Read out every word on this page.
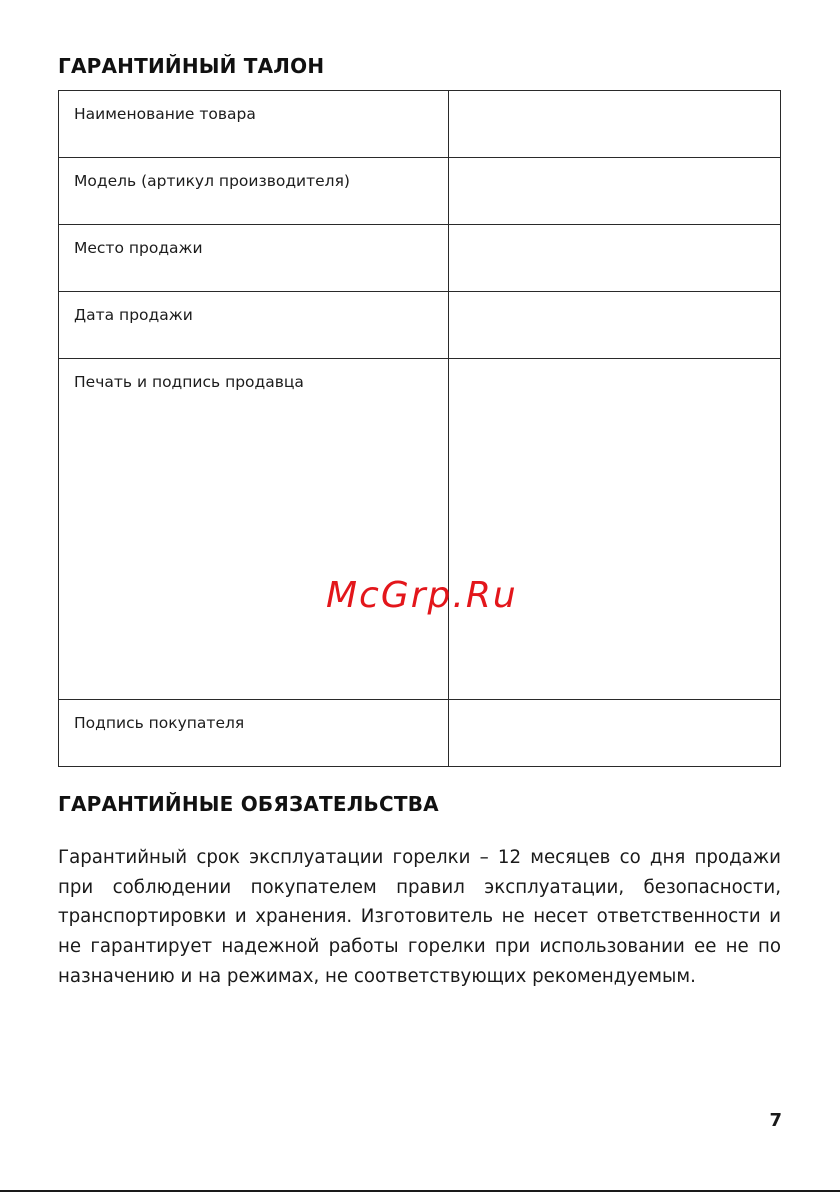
ГАРАНТИЙНЫЙ ТАЛОН
Наименование товара	
Модель (артикул производителя)	
Место продажи	
Дата продажи	
Печать и подпись продавца	
Подпись покупателя	
McGrp.Ru
ГАРАНТИЙНЫЕ ОБЯЗАТЕЛЬСТВА

Гарантийный срок эксплуатации горелки – 12 месяцев со дня продажи при соблюдении покупателем правил эксплуатации, безопасности, транспортировки и хранения. Изготовитель не несет ответственности и не гарантирует надежной работы горелки при использовании ее не по назначению и на режимах, не соответствующих рекомендуемым.

7
